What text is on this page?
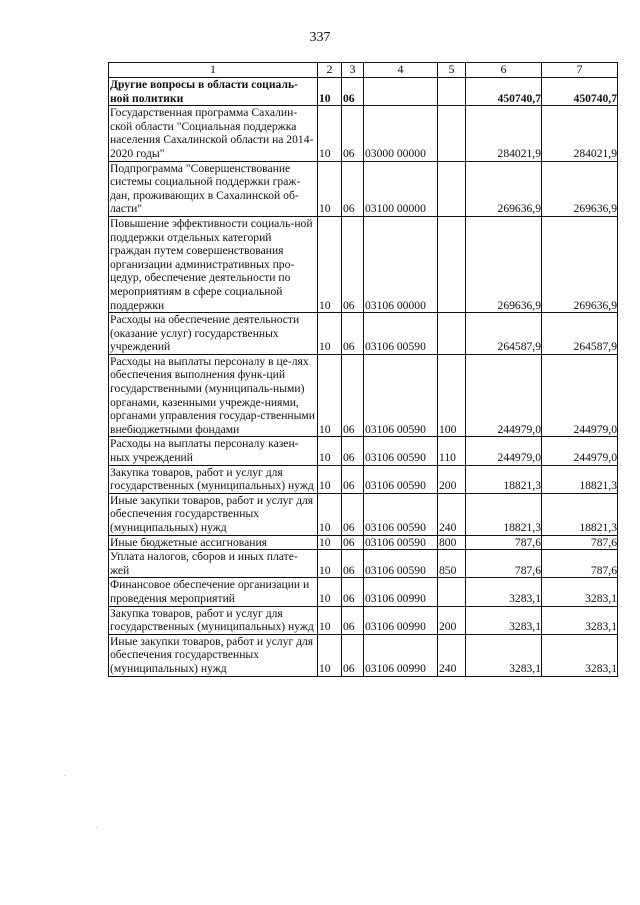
337
1	2	3	4	5	6	7
Другие вопросы в области социаль-ной политики	10	06			450740,7	450740,7
Государственная программа Сахалин-ской области "Социальная поддержка населения Сахалинской области на 2014-2020 годы"	10	06	03000 00000		284021,9	284021,9
Подпрограмма "Совершенствование системы социальной поддержки граж-дан, проживающих в Сахалинской об-ласти"	10	06	03100 00000		269636,9	269636,9
Повышение эффективности социаль-ной поддержки отдельных категорий граждан путем совершенствования организации административных про-цедур, обеспечение деятельности по мероприятиям в сфере социальной поддержки	10	06	03106 00000		269636,9	269636,9
Расходы на обеспечение деятельности (оказание услуг) государственных учреждений	10	06	03106 00590		264587,9	264587,9
Расходы на выплаты персоналу в це-лях обеспечения выполнения функ-ций государственными (муниципаль-ными) органами, казенными учрежде-ниями, органами управления государ-ственными внебюджетными фондами	10	06	03106 00590	100	244979,0	244979,0
Расходы на выплаты персоналу казен-ных учреждений	10	06	03106 00590	110	244979,0	244979,0
Закупка товаров, работ и услуг для государственных (муниципальных) нужд	10	06	03106 00590	200	18821,3	18821,3
Иные закупки товаров, работ и услуг для обеспечения государственных (муниципальных) нужд	10	06	03106 00590	240	18821,3	18821,3
Иные бюджетные ассигнования	10	06	03106 00590	800	787,6	787,6
Уплата налогов, сборов и иных плате-жей	10	06	03106 00590	850	787,6	787,6
Финансовое обеспечение организации и проведения мероприятий	10	06	03106 00990		3283,1	3283,1
Закупка товаров, работ и услуг для государственных (муниципальных) нужд	10	06	03106 00990	200	3283,1	3283,1
Иные закупки товаров, работ и услуг для обеспечения государственных (муниципальных) нужд	10	06	03106 00990	240	3283,1	3283,1
